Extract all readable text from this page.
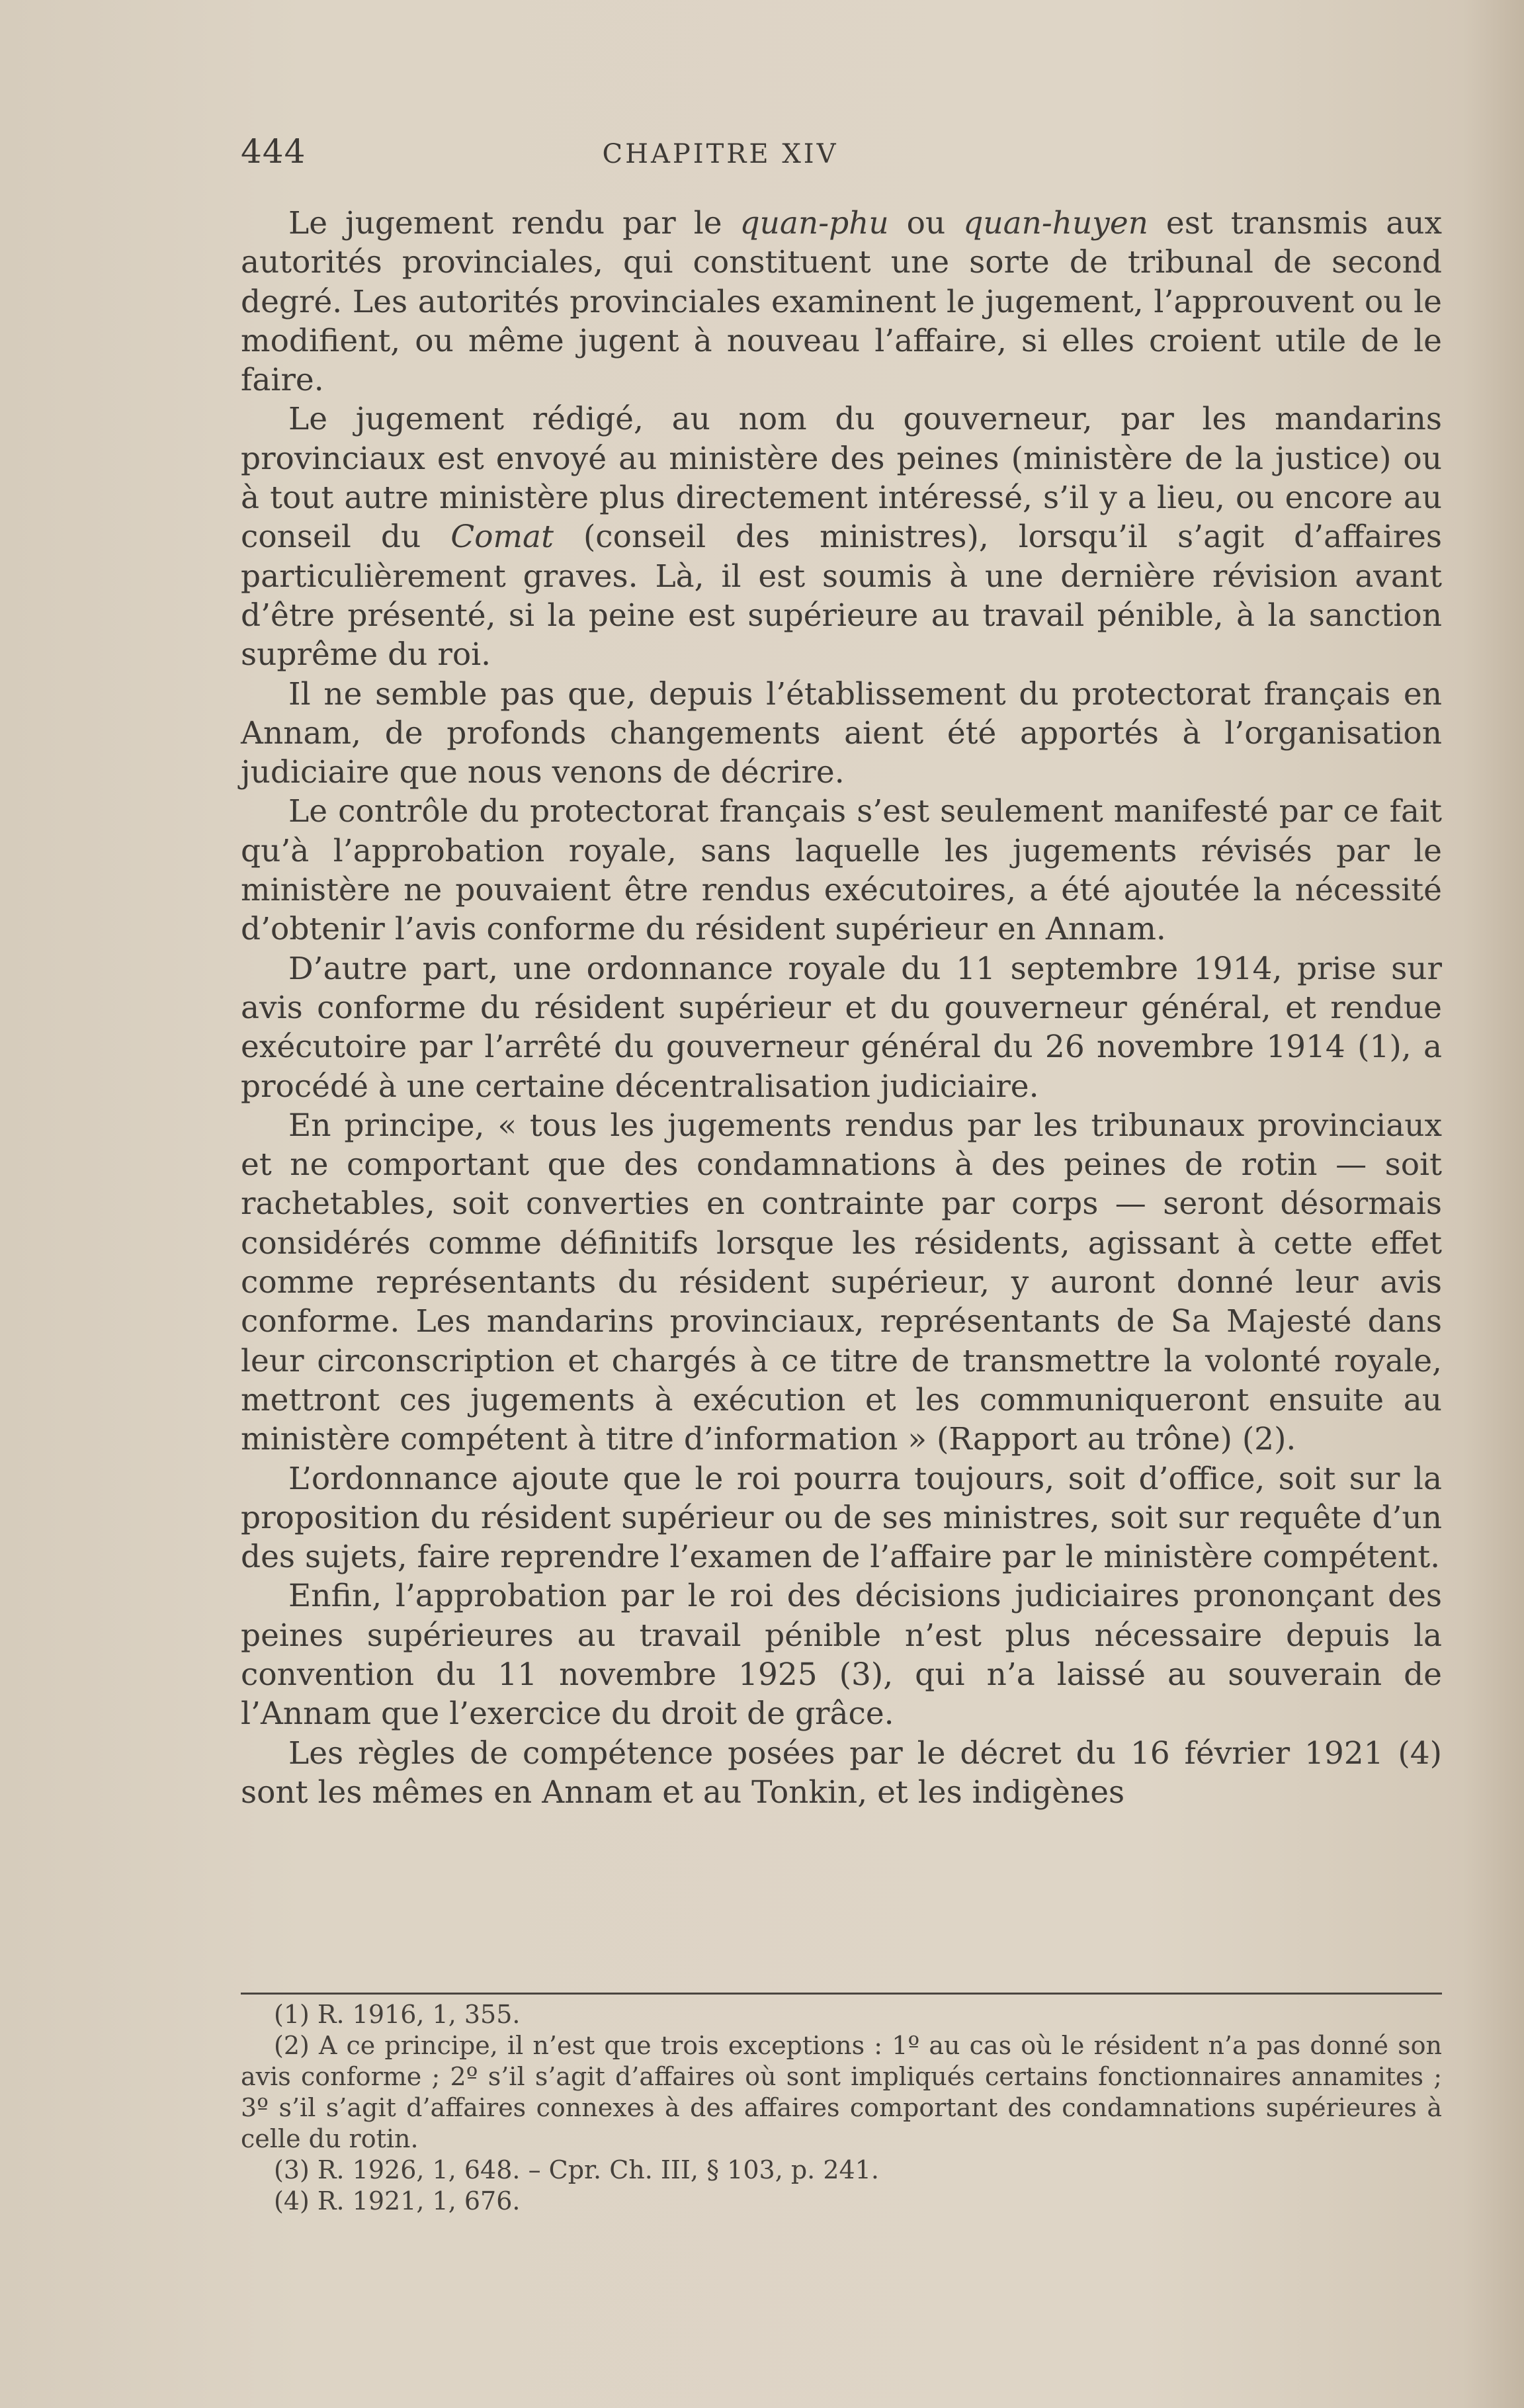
444	CHAPITRE XIV

Le jugement rendu par le quan-phu ou quan-huyen est transmis aux autorités provinciales, qui constituent une sorte de tribunal de second degré. Les autorités provinciales examinent le jugement, l’approuvent ou le modifient, ou même jugent à nouveau l’affaire, si elles croient utile de le faire.

Le jugement rédigé, au nom du gouverneur, par les mandarins provinciaux est envoyé au ministère des peines (ministère de la justice) ou à tout autre ministère plus directement intéressé, s’il y a lieu, ou encore au conseil du Comat (conseil des ministres), lorsqu’il s’agit d’affaires particulièrement graves. Là, il est soumis à une dernière révision avant d’être présenté, si la peine est supérieure au travail pénible, à la sanction suprême du roi.

Il ne semble pas que, depuis l’établissement du protectorat français en Annam, de profonds changements aient été apportés à l’organisation judiciaire que nous venons de décrire.

Le contrôle du protectorat français s’est seulement manifesté par ce fait qu’à l’approbation royale, sans laquelle les jugements révisés par le ministère ne pouvaient être rendus exécutoires, a été ajoutée la nécessité d’obtenir l’avis conforme du résident supérieur en Annam.

D’autre part, une ordonnance royale du 11 septembre 1914, prise sur avis conforme du résident supérieur et du gouverneur général, et rendue exécutoire par l’arrêté du gouverneur général du 26 novembre 1914 (1), a procédé à une certaine décentralisation judiciaire.

En principe, « tous les jugements rendus par les tribunaux provinciaux et ne comportant que des condamnations à des peines de rotin — soit rachetables, soit converties en contrainte par corps — seront désormais considérés comme définitifs lorsque les résidents, agissant à cette effet comme représentants du résident supérieur, y auront donné leur avis conforme. Les mandarins provinciaux, représentants de Sa Majesté dans leur circonscription et chargés à ce titre de transmettre la volonté royale, mettront ces jugements à exécution et les communiqueront ensuite au ministère compétent à titre d’information » (Rapport au trône) (2).

L’ordonnance ajoute que le roi pourra toujours, soit d’office, soit sur la proposition du résident supérieur ou de ses ministres, soit sur requête d’un des sujets, faire reprendre l’examen de l’affaire par le ministère compétent.

Enfin, l’approbation par le roi des décisions judiciaires prononçant des peines supérieures au travail pénible n’est plus nécessaire depuis la convention du 11 novembre 1925 (3), qui n’a laissé au souverain de l’Annam que l’exercice du droit de grâce.

Les règles de compétence posées par le décret du 16 février 1921 (4) sont les mêmes en Annam et au Tonkin, et les indigènes

(1) R. 1916, 1, 355.

(2) A ce principe, il n’est que trois exceptions : 1º au cas où le résident n’a pas donné son avis conforme ; 2º s’il s’agit d’affaires où sont impliqués certains fonctionnaires annamites ; 3º s’il s’agit d’affaires connexes à des affaires comportant des condamnations supérieures à celle du rotin.

(3) R. 1926, 1, 648. – Cpr. Ch. III, § 103, p. 241.

(4) R. 1921, 1, 676.
